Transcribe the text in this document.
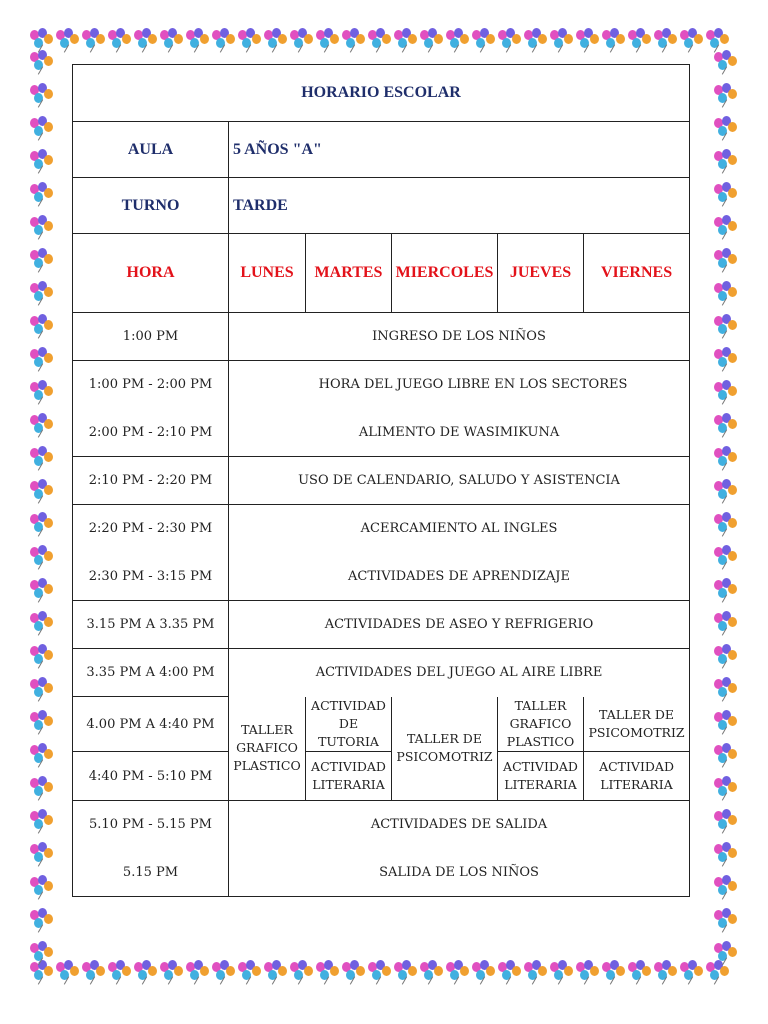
HORARIO ESCOLAR					
AULA	5 AÑOS "A"				
TURNO	TARDE				
HORA	LUNES	MARTES	MIERCOLES	JUEVES	VIERNES
1:00 PM	INGRESO DE LOS NIÑOS				
1:00 PM - 2:00 PM	HORA DEL JUEGO LIBRE EN LOS SECTORES				
2:00 PM - 2:10 PM	ALIMENTO DE WASIMIKUNA				
2:10 PM - 2:20 PM	USO DE CALENDARIO, SALUDO Y ASISTENCIA				
2:20 PM - 2:30 PM	ACERCAMIENTO AL INGLES				
2:30 PM - 3:15 PM	ACTIVIDADES DE APRENDIZAJE				
3.15 PM A 3.35 PM	ACTIVIDADES DE ASEO Y REFRIGERIO				
3.35 PM A 4:00 PM	ACTIVIDADES DEL JUEGO AL AIRE LIBRE				
4.00 PM A 4:40 PM	TALLER GRAFICO PLASTICO	ACTIVIDAD DE TUTORIA	TALLER DE PSICOMOTRIZ	TALLER GRAFICO PLASTICO	TALLER DE PSICOMOTRIZ
4:40 PM - 5:10 PM		ACTIVIDAD LITERARIA		ACTIVIDAD LITERARIA	ACTIVIDAD LITERARIA
5.10 PM - 5.15 PM	ACTIVIDADES DE SALIDA				
5.15 PM	SALIDA DE LOS NIÑOS				
